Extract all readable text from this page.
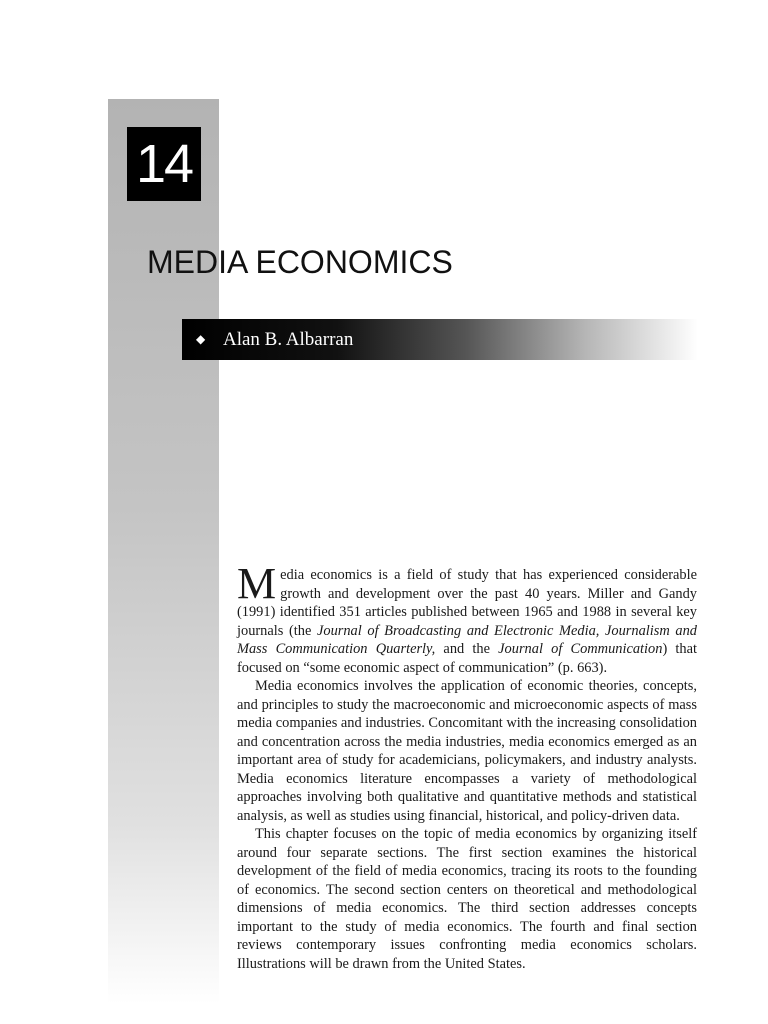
14
MEDIA ECONOMICS
◆ Alan B. Albarran

Media economics is a field of study that has experienced considerable growth and development over the past 40 years. Miller and Gandy (1991) identified 351 articles published between 1965 and 1988 in several key journals (the Journal of Broadcasting and Electronic Media, Journalism and Mass Communication Quarterly, and the Journal of Communication) that focused on “some economic aspect of communication” (p. 663).

Media economics involves the application of economic theories, concepts, and principles to study the macroeconomic and microeconomic aspects of mass media companies and industries. Concomitant with the increasing consolidation and concentration across the media industries, media economics emerged as an important area of study for academicians, policymakers, and industry analysts. Media economics literature encompasses a variety of methodological approaches involving both qualitative and quantitative methods and statistical analysis, as well as studies using financial, historical, and policy-driven data.

This chapter focuses on the topic of media economics by organizing itself around four separate sections. The first section examines the historical development of the field of media economics, tracing its roots to the founding of economics. The second section centers on theoretical and methodological dimensions of media economics. The third section addresses concepts important to the study of media economics. The fourth and final section reviews contemporary issues confronting media economics scholars. Illustrations will be drawn from the United States.
